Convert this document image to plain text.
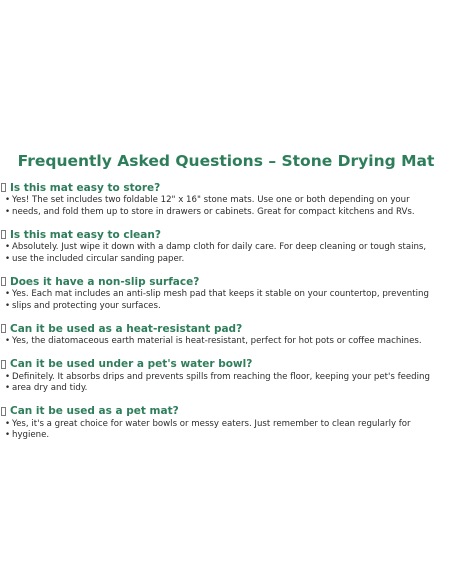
Frequently Asked Questions – Stone Drying Mat
Is this mat easy to store?
• Yes! The set includes two foldable 12" x 16" stone mats. Use one or both depending on your
• needs, and fold them up to store in drawers or cabinets. Great for compact kitchens and RVs.
Is this mat easy to clean?
• Absolutely. Just wipe it down with a damp cloth for daily care. For deep cleaning or tough stains,
• use the included circular sanding paper.
Does it have a non-slip surface?
• Yes. Each mat includes an anti-slip mesh pad that keeps it stable on your countertop, preventing
• slips and protecting your surfaces.
Can it be used as a heat-resistant pad?
• Yes, the diatomaceous earth material is heat-resistant, perfect for hot pots or coffee machines.
Can it be used under a pet's water bowl?
• Definitely. It absorbs drips and prevents spills from reaching the floor, keeping your pet's feeding
• area dry and tidy.
Can it be used as a pet mat?
• Yes, it's a great choice for water bowls or messy eaters. Just remember to clean regularly for
• hygiene.
